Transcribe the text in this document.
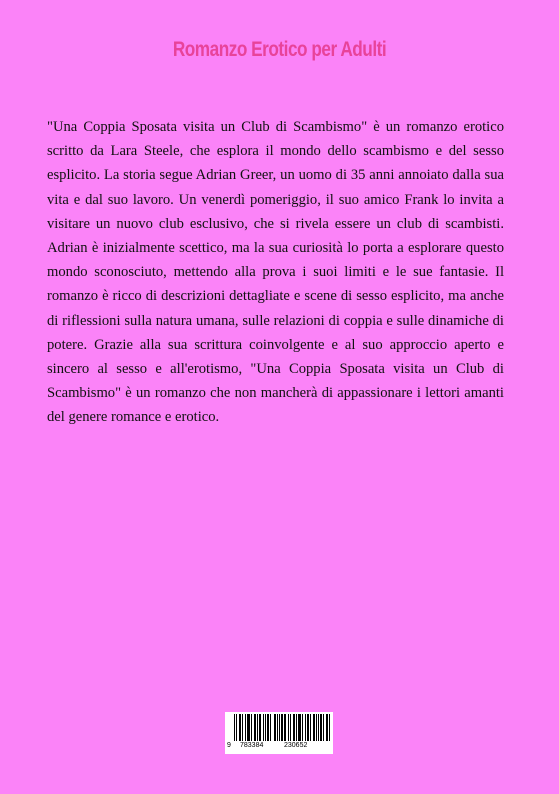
Romanzo Erotico per Adulti

"Una Coppia Sposata visita un Club di Scambismo" è un romanzo erotico scritto da Lara Steele, che esplora il mondo dello scambismo e del sesso esplicito. La storia segue Adrian Greer, un uomo di 35 anni annoiato dalla sua vita e dal suo lavoro. Un venerdì pomeriggio, il suo amico Frank lo invita a visitare un nuovo club esclusivo, che si rivela essere un club di scambisti. Adrian è inizialmente scettico, ma la sua curiosità lo porta a esplorare questo mondo sconosciuto, mettendo alla prova i suoi limiti e le sue fantasie. Il romanzo è ricco di descrizioni dettagliate e scene di sesso esplicito, ma anche di riflessioni sulla natura umana, sulle relazioni di coppia e sulle dinamiche di potere. Grazie alla sua scrittura coinvolgente e al suo approccio aperto e sincero al sesso e all'erotismo, "Una Coppia Sposata visita un Club di Scambismo" è un romanzo che non mancherà di appassionare i lettori amanti del genere romance e erotico.

9 783384	230652
